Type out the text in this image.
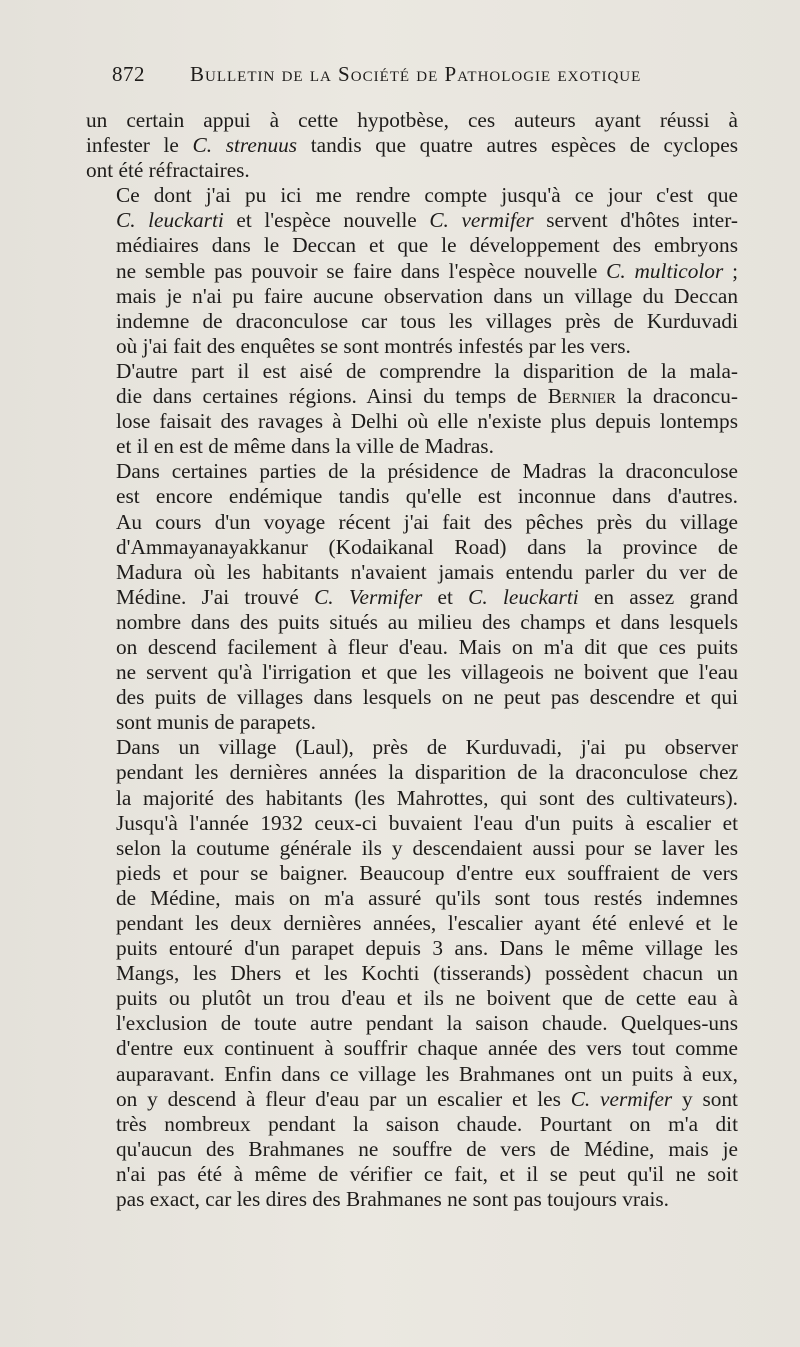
872 Bulletin de la Société de Pathologie exotique

un certain appui à cette hypotbèse, ces auteurs ayant réussi à
infester le C. strenuus tandis que quatre autres espèces de cyclopes
ont été réfractaires.

Ce dont j'ai pu ici me rendre compte jusqu'à ce jour c'est que
C. leuckarti et l'espèce nouvelle C. vermifer servent d'hôtes inter-
médiaires dans le Deccan et que le développement des embryons
ne semble pas pouvoir se faire dans l'espèce nouvelle C. multicolor ;
mais je n'ai pu faire aucune observation dans un village du Deccan
indemne de draconculose car tous les villages près de Kurduvadi
où j'ai fait des enquêtes se sont montrés infestés par les vers.

D'autre part il est aisé de comprendre la disparition de la mala-
die dans certaines régions. Ainsi du temps de Bernier la draconcu-
lose faisait des ravages à Delhi où elle n'existe plus depuis lontemps
et il en est de même dans la ville de Madras.

Dans certaines parties de la présidence de Madras la draconculose
est encore endémique tandis qu'elle est inconnue dans d'autres.
Au cours d'un voyage récent j'ai fait des pêches près du village
d'Ammayanayakkanur (Kodaikanal Road) dans la province de
Madura où les habitants n'avaient jamais entendu parler du ver de
Médine. J'ai trouvé C. Vermifer et C. leuckarti en assez grand
nombre dans des puits situés au milieu des champs et dans lesquels
on descend facilement à fleur d'eau. Mais on m'a dit que ces puits
ne servent qu'à l'irrigation et que les villageois ne boivent que l'eau
des puits de villages dans lesquels on ne peut pas descendre et qui
sont munis de parapets.

Dans un village (Laul), près de Kurduvadi, j'ai pu observer
pendant les dernières années la disparition de la draconculose chez
la majorité des habitants (les Mahrottes, qui sont des cultivateurs).
Jusqu'à l'année 1932 ceux-ci buvaient l'eau d'un puits à escalier et
selon la coutume générale ils y descendaient aussi pour se laver les
pieds et pour se baigner. Beaucoup d'entre eux souffraient de vers
de Médine, mais on m'a assuré qu'ils sont tous restés indemnes
pendant les deux dernières années, l'escalier ayant été enlevé et le
puits entouré d'un parapet depuis 3 ans. Dans le même village les
Mangs, les Dhers et les Kochti (tisserands) possèdent chacun un
puits ou plutôt un trou d'eau et ils ne boivent que de cette eau à
l'exclusion de toute autre pendant la saison chaude. Quelques-uns
d'entre eux continuent à souffrir chaque année des vers tout comme
auparavant. Enfin dans ce village les Brahmanes ont un puits à eux,
on y descend à fleur d'eau par un escalier et les C. vermifer y sont
très nombreux pendant la saison chaude. Pourtant on m'a dit
qu'aucun des Brahmanes ne souffre de vers de Médine, mais je
n'ai pas été à même de vérifier ce fait, et il se peut qu'il ne soit
pas exact, car les dires des Brahmanes ne sont pas toujours vrais.
